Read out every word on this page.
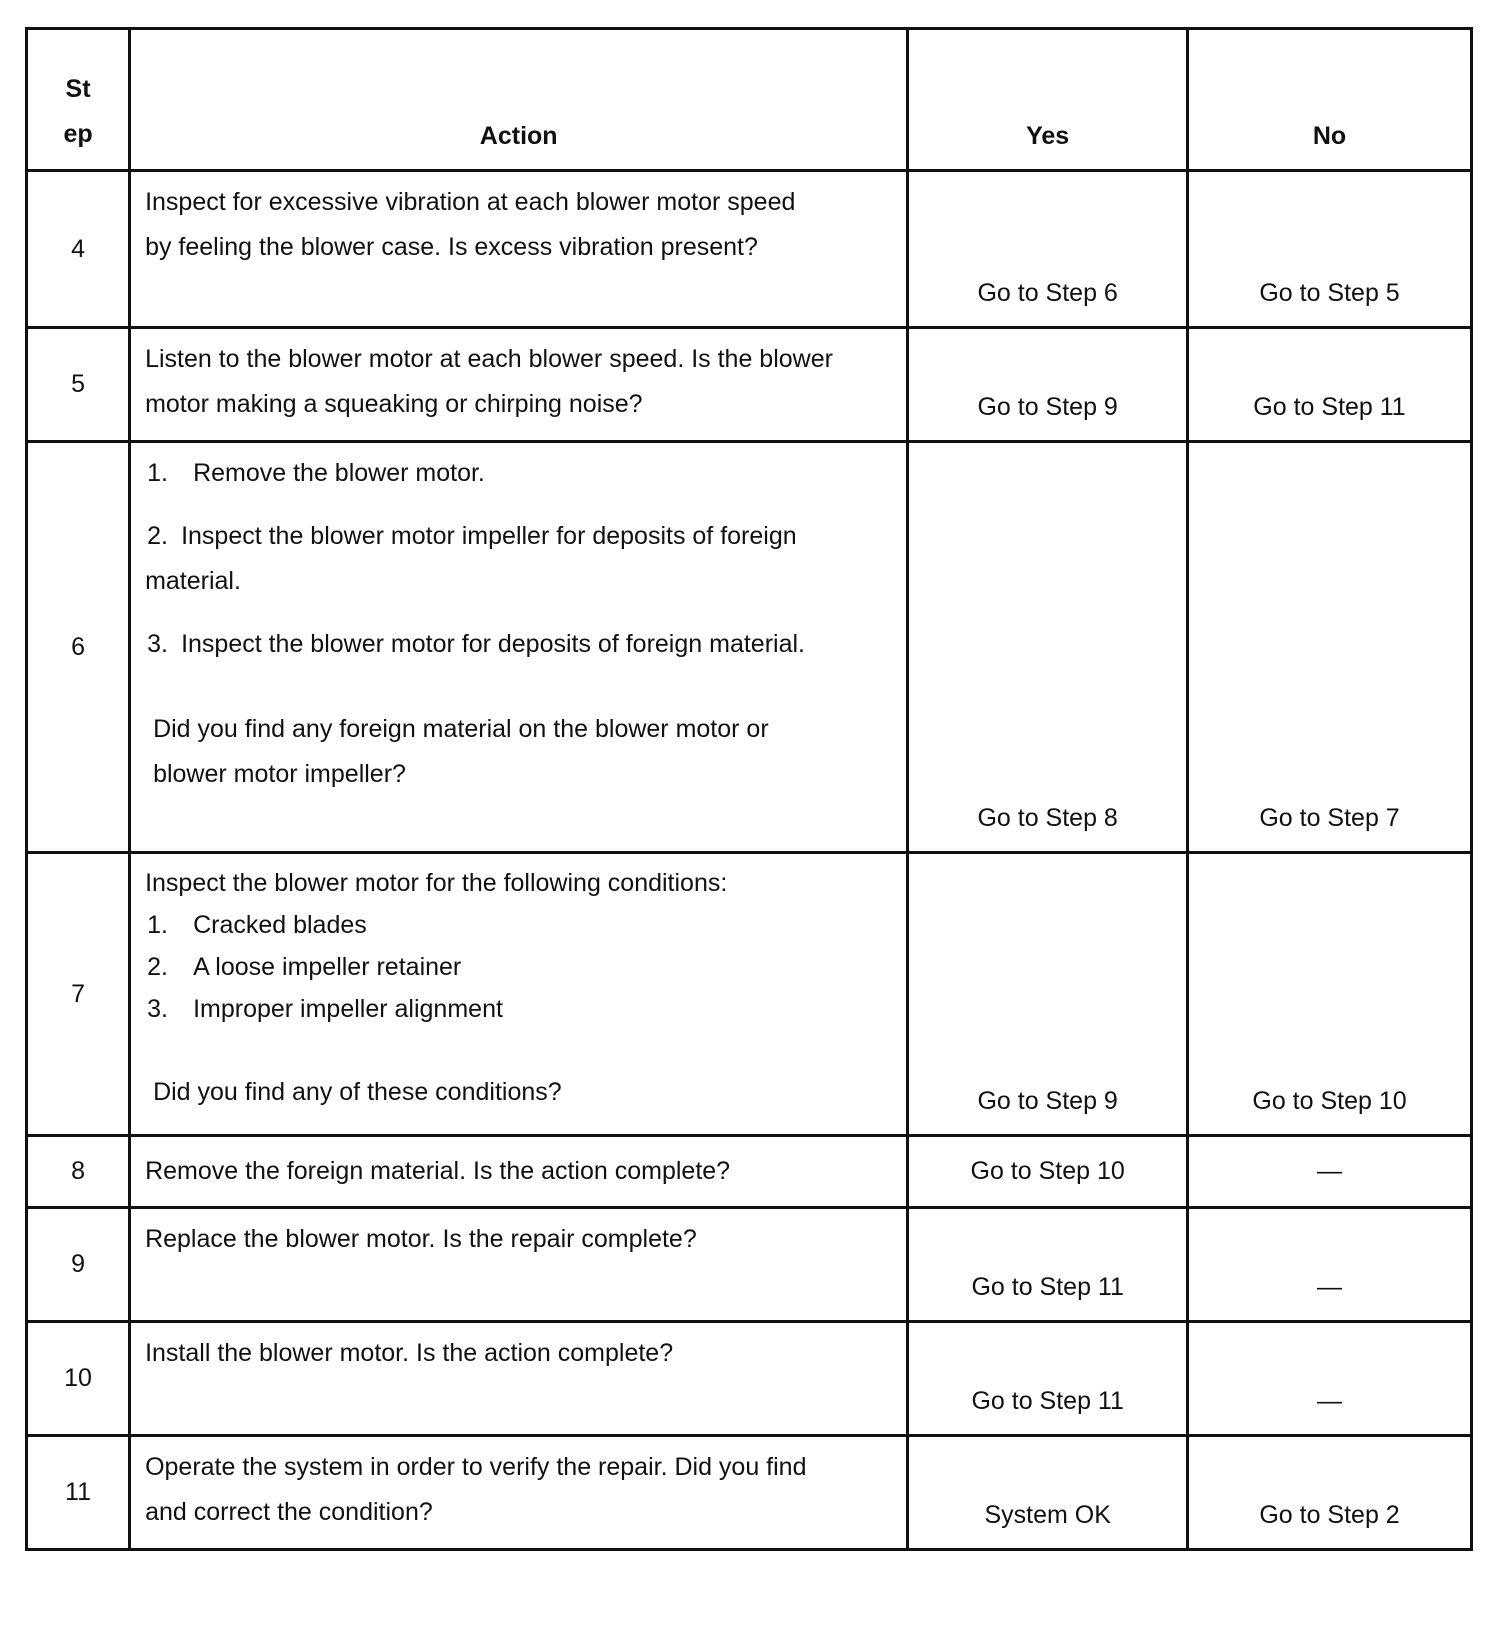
St
ep	Action	Yes	No
4	Inspect for excessive vibration at each blower motor speed by feeling the blower case. Is excess vibration present?	Go to Step 6	Go to Step 5
5	Listen to the blower motor at each blower speed. Is the blower motor making a squeaking or chirping noise?	Go to Step 9	Go to Step 11
6	1. Remove the blower motor.

2. Inspect the blower motor impeller for deposits of foreign material.

3. Inspect the blower motor for deposits of foreign material.

Did you find any foreign material on the blower motor or blower motor impeller?	Go to Step 8	Go to Step 7
7	Inspect the blower motor for the following conditions:

1. Cracked blades

2. A loose impeller retainer

3. Improper impeller alignment

Did you find any of these conditions?	Go to Step 9	Go to Step 10
8	Remove the foreign material. Is the action complete?	Go to Step 10	—
9	Replace the blower motor. Is the repair complete?	Go to Step 11	—
10	Install the blower motor. Is the action complete?	Go to Step 11	—
11	Operate the system in order to verify the repair. Did you find and correct the condition?	System OK	Go to Step 2
